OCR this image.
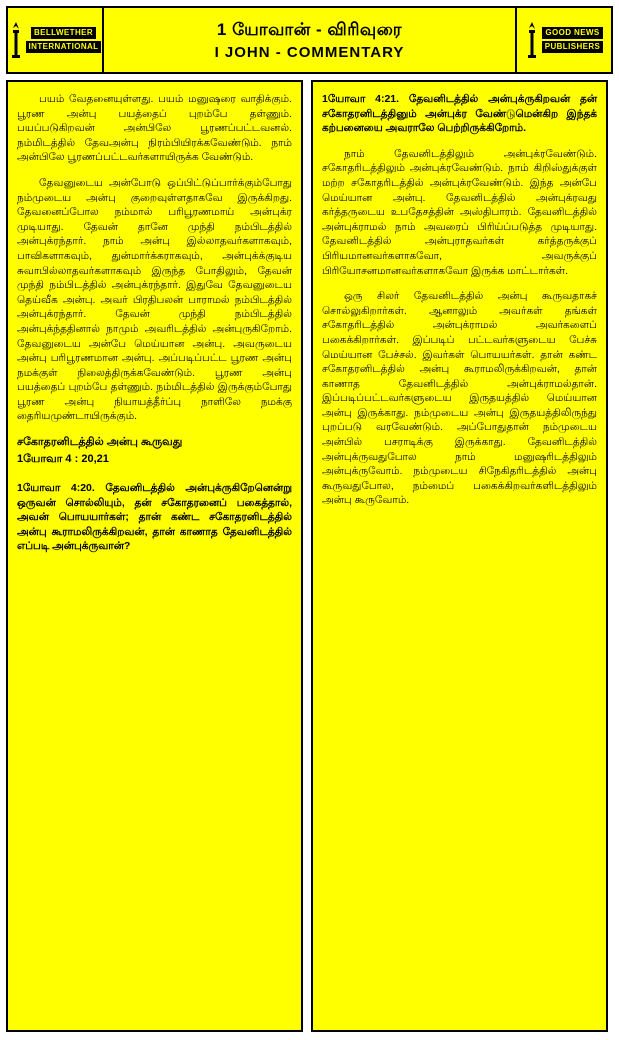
BELLWETHER
INTERNATIONAL
1 யோவான் - விரிவுரை
I JOHN - COMMENTARY
GOOD NEWS
PUBLISHERS

பயம் வேதனையுள்ளது. பயம் மனுஷரை வாதிக்கும். பூரண அன்பு பயத்தைப் புறம்பே தள்ணும். பயப்படுகிறவன் அன்பிலே பூரணப்பட்டவனல். நம்மிடத்தில் தேவஅன்பு நிரம்பியிரக்கவேண்டும். நாம் அன்பிலே பூரணப்பட்டவர்களாயிருக்க வேண்டும்.

தேவனுடைய அன்போடு ஒப்பிட்டுப்பார்க்கும்போது நம்முடைய அன்பு குறைவுள்ளதாகவே இருக்கிறது. தேவனைப்போல நம்மால் பரிபூரணமாய் அன்புக்ர முடியாது. தேவன் தானே முந்தி நம்பிடத்தில் அன்புக்ரந்தார். நாம் அன்பு இல்லாதவர்களாகவும், பாவிகளாகவும், துன்மார்க்கராகவும், அன்புக்க்குடிய சுவாபில்லாதவர்களாகவும் இருந்த போதிலும், தேவன் முந்தி நம்பிடத்தில் அன்புக்ரந்தார். இதுவே தேவனுடைய தெய்வீக அன்பு. அவர் பிரதிபலன் பாராமல் நம்பிடத்தில் அன்புக்ரந்தார். தேவன் முந்தி நம்பிடத்தில் அன்புக்ந்ததினால் நாமும் அவரிடத்தில் அன்புருகிறோம். தேவனுடைய அன்பே மெய்யான அன்பு. அவருடைய அன்பு பரிபூரணமான அன்பு. அப்படிப்பட்ட பூரண அன்பு நமக்குள் நிலைத்திருக்கவேண்டும். பூரண அன்பு பயத்தைப் புறம்பே தள்ணும். நம்மிடத்தில் இருக்கும்போது பூரண அன்பு நியாயத்தீர்ப்பு நாளிலே நமக்கு தைரியமுண்டாயிருக்கும்.

சகோதரனிடத்தில் அன்பு கூருவது

1யோவா 4 : 20,21

1யோவா 4:20. தேவனிடத்தில் அன்புக்ருகிறேனென்று ஒருவன் சொல்லியும், தன் சகோதரனைப் பகைத்தால், அவன் பொயயார்கள்; தான் கண்ட சகோதரனிடத்தில் அன்பு கூராமலிருக்கிறவன், தான் காணாத தேவனிடத்தில் எப்படி அன்புக்ருவான்?

1யோவா 4:21. தேவனிடத்தில் அன்புக்ருகிறவன் தன் சகோதரனிடத்தினும் அன்புக்ர வேண்டுமென்கிற இந்தக் கற்பனையை அவராலே பெற்றிருக்கிறோம்.

நாம் தேவனிடத்திலும் அன்புக்ரவேண்டும். சகோதரிடத்திலும் அன்புக்ரவேண்டும். நாம் கிறிஸ்துக்குள் மற்ற சகோதரிடத்தில் அன்புக்ரவேண்டும். இந்த அன்பே மெய்யான அன்பு. தேவனிடத்தில் அன்புக்ரவது கர்த்தருடைய உபதேசத்தின் அஸ்திபாரம். தேவனிடத்தில் அன்புக்ராமல் நாம் அவரைப் பிரிய்ப்படுத்த முடியாது. தேவனிடத்தில் அன்புராதவர்கள் கர்த்தருக்குப் பிரியமானவர்களாகவோ, அவருக்குப் பிரியோசனமானவர்களாகவோ இருக்க மாட்டார்கள்.

ஒரு சிலர் தேவனிடத்தில் அன்பு கூருவதாகச் சொல்லுகிறார்கள். ஆனாலும் அவர்கள் தங்கள் சகோதரிடத்தில் அன்புக்ராமல் அவர்களைப் பகைக்கிறார்கள். இப்படிப் பட்டவர்களுடைய பேச்சு மெய்யான பேச்சல். இவர்கள் பொயயர்கள். தான் கண்ட சகோதரனிடத்தில் அன்பு கூராமலிருக்கிறவன், தான் காணாத தேவனிடத்தில் அன்புக்ராமல்தான். இப்படிப்பட்டவர்களுடைய இருதயத்தில் மெய்யான அன்பு இருக்காது. நம்முடைய அன்பு இருதயத்திலிருந்து புறப்படு வரவேண்டும். அப்போதுதான் நம்முடைய அன்பில் பசராடிக்கு இருக்காது. தேவனிடத்தில் அன்புக்ருவதுபோல நாம் மனுஷரிடத்திலும் அன்புக்ருவோம். நம்முடைய சிநேகிதரிடத்தில் அன்பு கூருவதுபோல, நம்மைப் பகைக்கிறவர்களிடத்திலும் அன்பு கூருவோம்.
